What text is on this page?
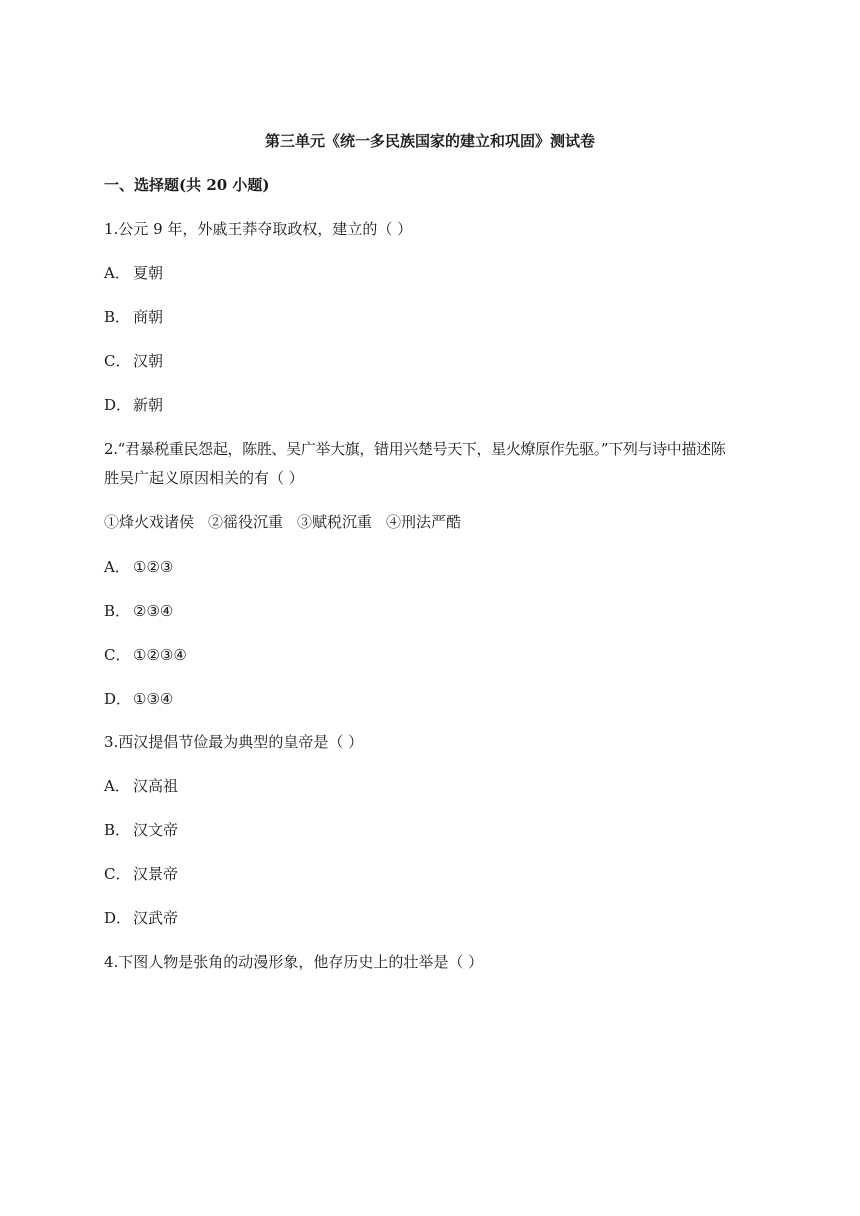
第三单元《统一多民族国家的建立和巩固》测试卷
一、选择题(共 20 小题)
1.公元 9 年，外戚王莽夺取政权，建立的（ ）
A． 夏朝
B． 商朝
C． 汉朝
D． 新朝
2.“君暴税重民怨起，陈胜、吴广举大旗，错用兴楚号天下，星火燎原作先驱。”下列与诗中描述陈
胜吴广起义原因相关的有（ ）
①烽火戏诸侯 ②徭役沉重 ③赋税沉重 ④刑法严酷
A． ①②③
B． ②③④
C． ①②③④
D． ①③④
3.西汉提倡节俭最为典型的皇帝是（ ）
A． 汉高祖
B． 汉文帝
C． 汉景帝
D． 汉武帝
4.下图人物是张角的动漫形象，他存历史上的壮举是（ ）
